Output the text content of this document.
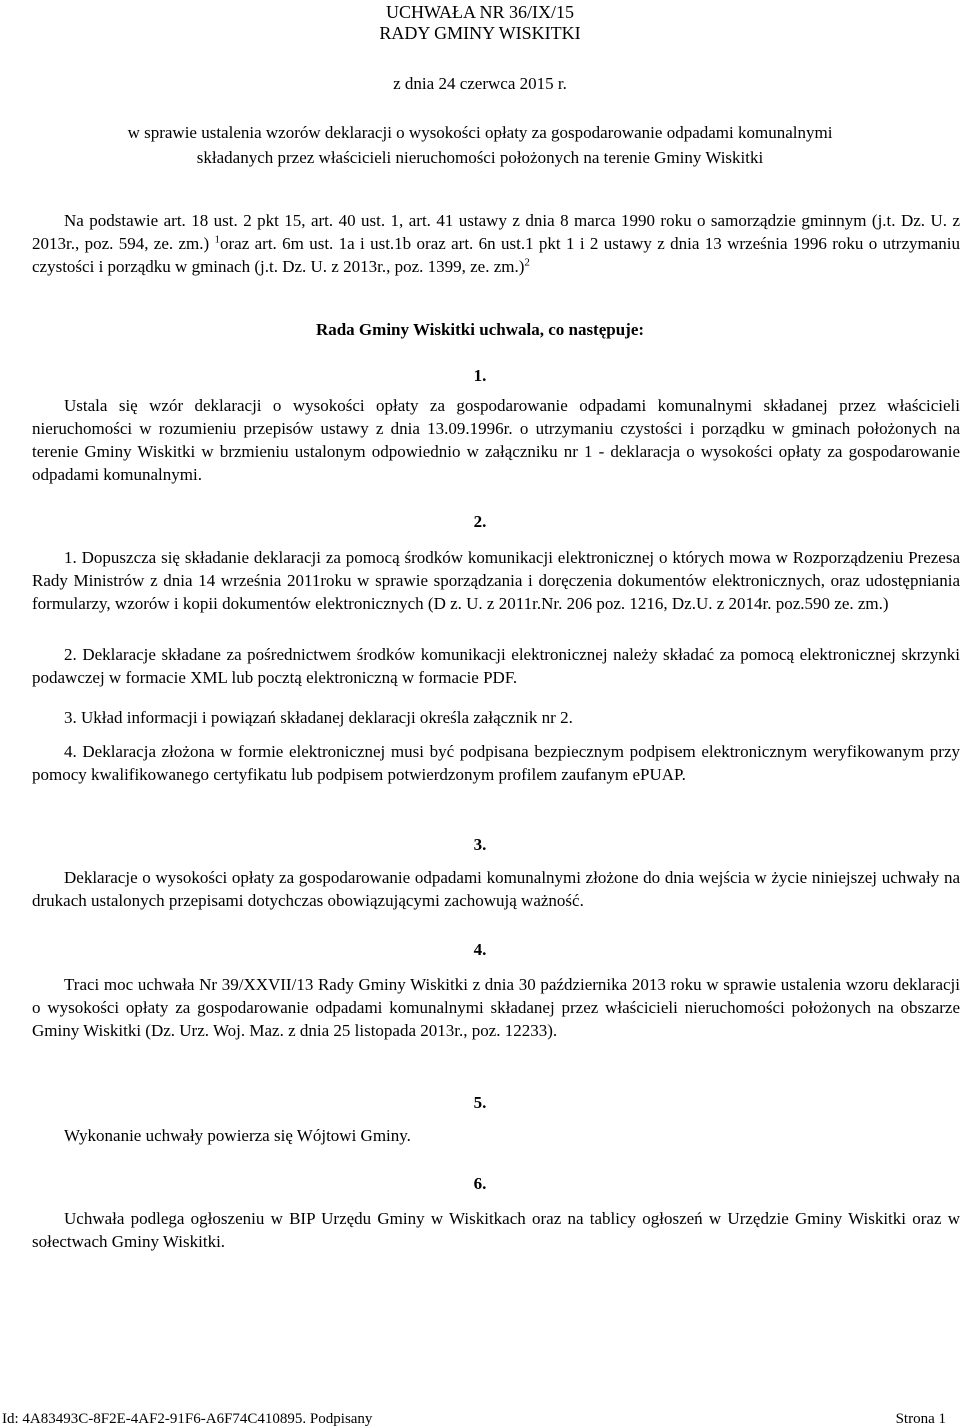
UCHWAŁA NR 36/IX/15
RADY GMINY WISKITKI
z dnia 24 czerwca 2015 r.
w sprawie ustalenia wzorów deklaracji o wysokości opłaty za gospodarowanie odpadami komunalnymi
składanych przez właścicieli nieruchomości położonych na terenie Gminy Wiskitki
Na podstawie art. 18 ust. 2 pkt 15, art. 40 ust. 1, art. 41 ustawy z dnia 8 marca 1990 roku o samorządzie gminnym (j.t. Dz. U. z 2013r., poz. 594, ze. zm.) $^1$oraz art. 6m ust. 1a i ust.1b oraz art. 6n ust.1 pkt 1 i 2 ustawy z dnia 13 września 1996 roku o utrzymaniu czystości i porządku w gminach (j.t. Dz. U. z 2013r., poz. 1399, ze. zm.)$^2$
Rada Gminy Wiskitki uchwala, co następuje:
1.
Ustala się wzór deklaracji o wysokości opłaty za gospodarowanie odpadami komunalnymi składanej przez właścicieli nieruchomości w rozumieniu przepisów ustawy z dnia 13.09.1996r. o utrzymaniu czystości i porządku w gminach położonych na terenie Gminy Wiskitki w brzmieniu ustalonym odpowiednio w załączniku nr 1 - deklaracja o wysokości opłaty za gospodarowanie odpadami komunalnymi.
2.
1. Dopuszcza się składanie deklaracji za pomocą środków komunikacji elektronicznej o których mowa w Rozporządzeniu Prezesa Rady Ministrów z dnia 14 września 2011roku w sprawie sporządzania i doręczenia dokumentów elektronicznych, oraz udostępniania formularzy, wzorów i kopii dokumentów elektronicznych (D z. U. z 2011r.Nr. 206 poz. 1216, Dz.U. z 2014r. poz.590 ze. zm.)
2. Deklaracje składane za pośrednictwem środków komunikacji elektronicznej należy składać za pomocą elektronicznej skrzynki podawczej w formacie XML lub pocztą elektroniczną w formacie PDF.
3. Układ informacji i powiązań składanej deklaracji określa załącznik nr 2.
4. Deklaracja złożona w formie elektronicznej musi być podpisana bezpiecznym podpisem elektronicznym weryfikowanym przy pomocy kwalifikowanego certyfikatu lub podpisem potwierdzonym profilem zaufanym ePUAP.
3.
Deklaracje o wysokości opłaty za gospodarowanie odpadami komunalnymi złożone do dnia wejścia w życie niniejszej uchwały na drukach ustalonych przepisami dotychczas obowiązującymi zachowują ważność.
4.
Traci moc uchwała Nr 39/XXVII/13 Rady Gminy Wiskitki z dnia 30 października 2013 roku w sprawie ustalenia wzoru deklaracji o wysokości opłaty za gospodarowanie odpadami komunalnymi składanej przez właścicieli nieruchomości położonych na obszarze Gminy Wiskitki (Dz. Urz. Woj. Maz. z dnia 25 listopada 2013r., poz. 12233).
5.
Wykonanie uchwały powierza się Wójtowi Gminy.
6.
Uchwała podlega ogłoszeniu w BIP Urzędu Gminy w Wiskitkach oraz na tablicy ogłoszeń w Urzędzie Gminy Wiskitki oraz w sołectwach Gminy Wiskitki.
Id: 4A83493C-8F2E-4AF2-91F6-A6F74C410895. Podpisany	Strona 1
